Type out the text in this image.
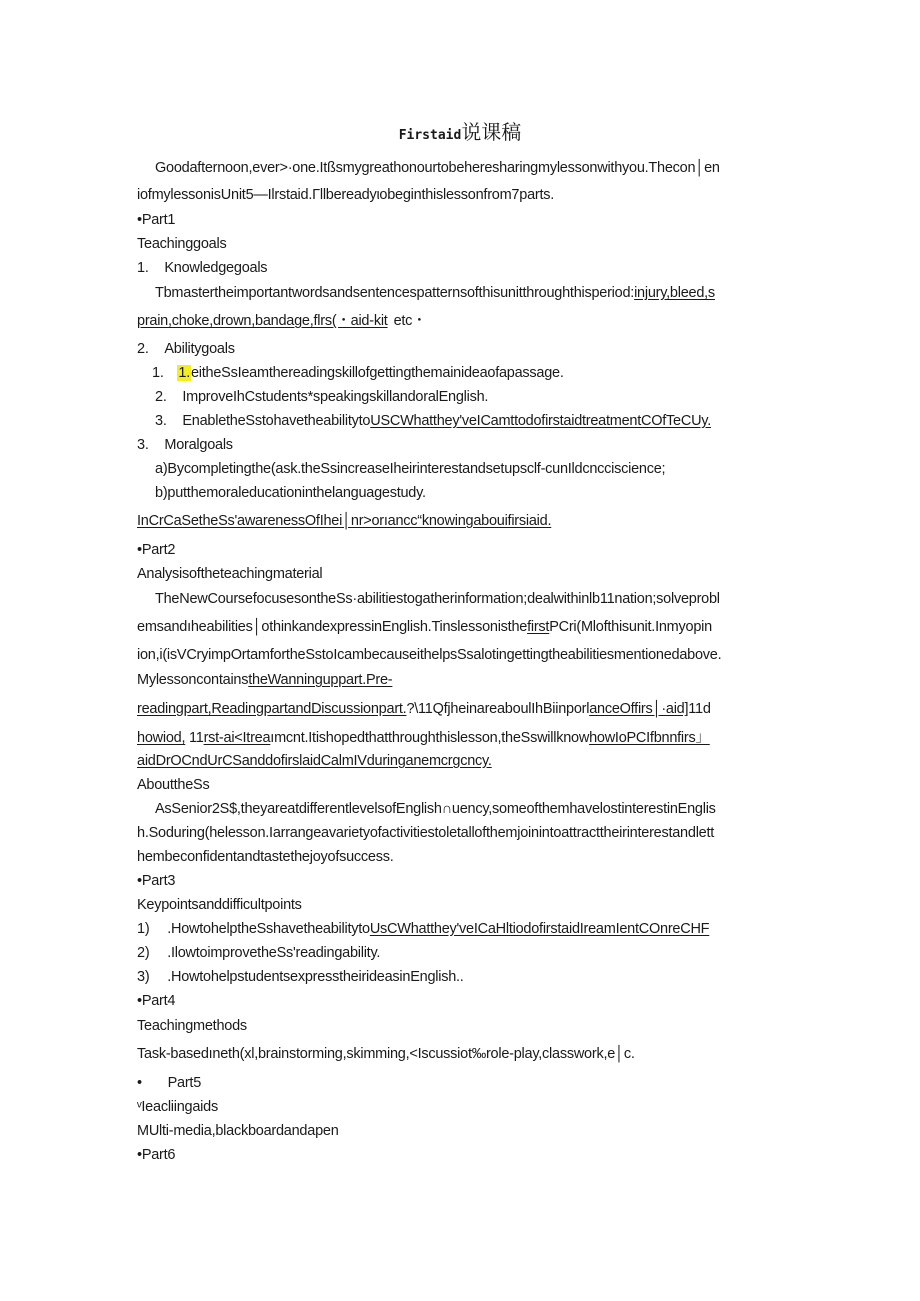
Firstaid说课稿
Goodafternoon,ever>·one.Itßsmygreathonourtobeheresharingmylessonwithyou.Thecon│en
iofmylessonisUnit5—Ilrstaid.Γllbereadyιobeginthislessonfrom7parts.
•Part1
Teachinggoals
1. Knowledgegoals
Tbmastertheimportantwordsandsentencespatternsofthisunitthroughthisperiod:injury,bleed,s
prain,choke,drown,bandage,flrs(・aid-kit etc・
2. Abilitygoals
1. 1.eitheSsIeamthereadingskillofgettingthemainideaofapassage.
2. ImproveIhCstudents*speakingskillandoralEnglish.
3. EnabletheSstohavetheabilitytoUSCWhatthey'veICamttodofirstaidtreatmentCOfTeCUy.
3. Moralgoals
a)Bycompletingthe(ask.theSsincreaseIheirinterestandsetupsclf-cunIldcncciscience;
b)putthemoraleducationinthelanguagestudy.
InCrCaSetheSs'awarenessOfIhei│nr>orıancc“knowingabouifirsiaid.
•Part2
Analysisoftheteachingmaterial
TheNewCoursefocusesontheSs·abilitiestogatherinformation;dealwithinlb11nation;solveprobl
emsandıheabilities│othinkandexpressinEnglish.TinslessonisthefirstPCri(Mlofthisunit.Inmyopin
ion,i(isVCryimpOrtamfortheSstoIcambecauseithelpsSsalotingettingtheabilitiesmentionedabove.
MylessoncontainstheWanninguppart.Pre-
readingpart,ReadingpartandDiscussionpart.?\11QfjheinareaboulIhBiinporlanceOffirs│·aid]11d
howiod, 11rst-ai<Itreaımcnt.Itishopedthatthroughthislesson,theSswillknowhowIoPCIfbnnfirs」
aidDrOCndUrCSanddofirslaidCalmIVduringanemcrgcncy.
AbouttheSs
AsSenior2S$,theyareatdifferentlevelsofEnglish∩uency,someofthemhavelostinterestinEnglis
h.Soduring(helesson.Iarrangeavarietyofactivitiestoletallofthemjoinintoattracttheirinterestandlett
hembeconfidentandtastethejoyofsuccess.
•Part3
Keypointsanddifficultpoints
1) .HowtohelptheSshavetheabilitytoUsCWhatthey'veICaHltiodofirstaidIreamIentCOnreCHF
2) .IlowtoimprovetheSs'readingability.
3) .HowtohelpstudentsexpresstheirideasinEnglish..
•Part4
Teachingmethods
Task-basedıneth(xl,brainstorming,skimming,<Iscussiot‰role-play,classwork,e│c.
• Part5
ᵛIeacliingaids
MUlti-media,blackboardandapen
•Part6
